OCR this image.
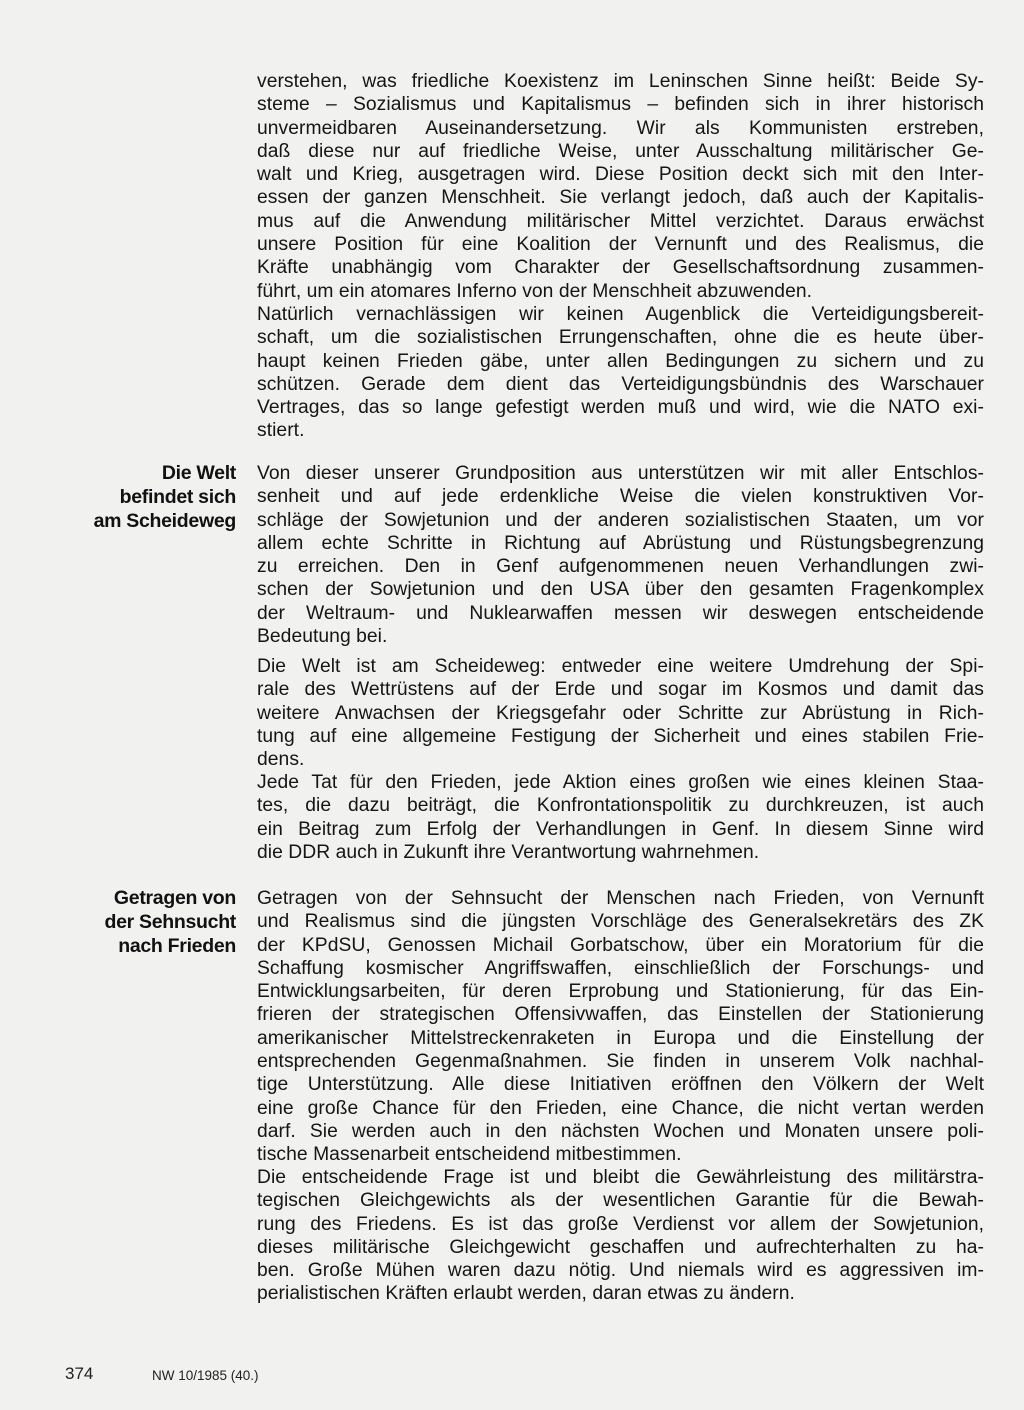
verstehen, was friedliche Koexistenz im Leninschen Sinne heißt: Beide Sy-
steme – Sozialismus und Kapitalismus – befinden sich in ihrer historisch
unvermeidbaren Auseinandersetzung. Wir als Kommunisten erstreben,
daß diese nur auf friedliche Weise, unter Ausschaltung militärischer Ge-
walt und Krieg, ausgetragen wird. Diese Position deckt sich mit den Inter-
essen der ganzen Menschheit. Sie verlangt jedoch, daß auch der Kapitalis-
mus auf die Anwendung militärischer Mittel verzichtet. Daraus erwächst
unsere Position für eine Koalition der Vernunft und des Realismus, die
Kräfte unabhängig vom Charakter der Gesellschaftsordnung zusammen-
führt, um ein atomares Inferno von der Menschheit abzuwenden.
Natürlich vernachlässigen wir keinen Augenblick die Verteidigungsbereit-
schaft, um die sozialistischen Errungenschaften, ohne die es heute über-
haupt keinen Frieden gäbe, unter allen Bedingungen zu sichern und zu
schützen. Gerade dem dient das Verteidigungsbündnis des Warschauer
Vertrages, das so lange gefestigt werden muß und wird, wie die NATO exi-
stiert.
Die Welt
befindet sich
am Scheideweg
Von dieser unserer Grundposition aus unterstützen wir mit aller Entschlos-
senheit und auf jede erdenkliche Weise die vielen konstruktiven Vor-
schläge der Sowjetunion und der anderen sozialistischen Staaten, um vor
allem echte Schritte in Richtung auf Abrüstung und Rüstungsbegrenzung
zu erreichen. Den in Genf aufgenommenen neuen Verhandlungen zwi-
schen der Sowjetunion und den USA über den gesamten Fragenkomplex
der Weltraum- und Nuklearwaffen messen wir deswegen entscheidende
Bedeutung bei.
Die Welt ist am Scheideweg: entweder eine weitere Umdrehung der Spi-
rale des Wettrüstens auf der Erde und sogar im Kosmos und damit das
weitere Anwachsen der Kriegsgefahr oder Schritte zur Abrüstung in Rich-
tung auf eine allgemeine Festigung der Sicherheit und eines stabilen Frie-
dens.
Jede Tat für den Frieden, jede Aktion eines großen wie eines kleinen Staa-
tes, die dazu beiträgt, die Konfrontationspolitik zu durchkreuzen, ist auch
ein Beitrag zum Erfolg der Verhandlungen in Genf. In diesem Sinne wird
die DDR auch in Zukunft ihre Verantwortung wahrnehmen.
Getragen von
der Sehnsucht
nach Frieden
Getragen von der Sehnsucht der Menschen nach Frieden, von Vernunft
und Realismus sind die jüngsten Vorschläge des Generalsekretärs des ZK
der KPdSU, Genossen Michail Gorbatschow, über ein Moratorium für die
Schaffung kosmischer Angriffswaffen, einschließlich der Forschungs- und
Entwicklungsarbeiten, für deren Erprobung und Stationierung, für das Ein-
frieren der strategischen Offensivwaffen, das Einstellen der Stationierung
amerikanischer Mittelstreckenraketen in Europa und die Einstellung der
entsprechenden Gegenmaßnahmen. Sie finden in unserem Volk nachhal-
tige Unterstützung. Alle diese Initiativen eröffnen den Völkern der Welt
eine große Chance für den Frieden, eine Chance, die nicht vertan werden
darf. Sie werden auch in den nächsten Wochen und Monaten unsere poli-
tische Massenarbeit entscheidend mitbestimmen.
Die entscheidende Frage ist und bleibt die Gewährleistung des militärstra-
tegischen Gleichgewichts als der wesentlichen Garantie für die Bewah-
rung des Friedens. Es ist das große Verdienst vor allem der Sowjetunion,
dieses militärische Gleichgewicht geschaffen und aufrechterhalten zu ha-
ben. Große Mühen waren dazu nötig. Und niemals wird es aggressiven im-
perialistischen Kräften erlaubt werden, daran etwas zu ändern.
374	NW 10/1985 (40.)
